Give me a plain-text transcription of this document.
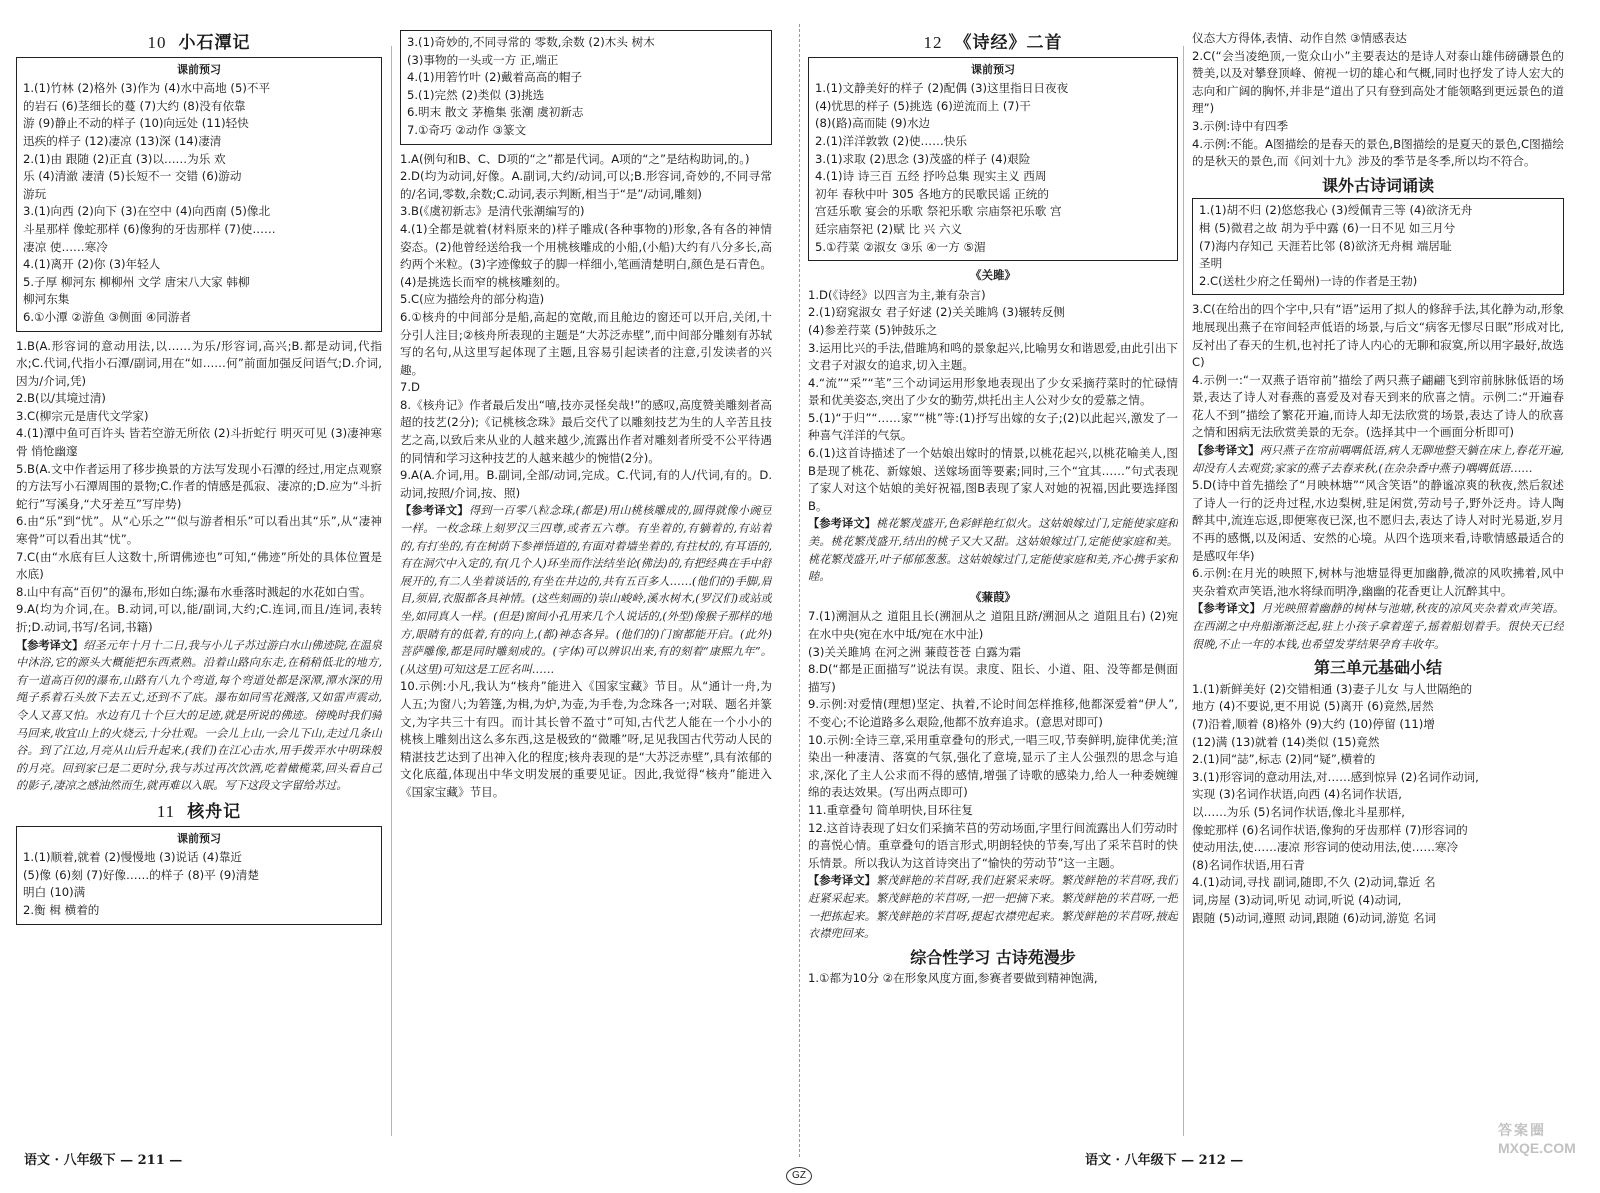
10 小石潭记
课前预习
1.(1)竹林 (2)格外 (3)作为 (4)水中高地 (5)不平
的岩石 (6)茎细长的蔓 (7)大约 (8)没有依靠
游 (9)静止不动的样子 (10)向远处 (11)轻快
迅疾的样子 (12)凄凉 (13)深 (14)凄清
2.(1)由 跟随 (2)正直 (3)以……为乐 欢
乐 (4)清澈 凄清 (5)长短不一 交错 (6)游动
游玩
3.(1)向西 (2)向下 (3)在空中 (4)向西南 (5)像北
斗星那样 像蛇那样 (6)像狗的牙齿那样 (7)使……
凄凉 使……寒冷
4.(1)离开 (2)你 (3)年轻人
5.子厚 柳河东 柳柳州 文学 唐宋八大家 韩柳
柳河东集
6.①小潭 ②游鱼 ③侧面 ④同游者

1.B(A.形容词的意动用法,以……为乐/形容词,高兴;B.都是动词,代指水;C.代词,代指小石潭/副词,用在“如……何”前面加强反问语气;D.介词,因为/介词,凭)

2.B(以/其境过清)

3.C(柳宗元是唐代文学家)

4.(1)潭中鱼可百许头 皆若空游无所依 (2)斗折蛇行 明灭可见 (3)凄神寒骨 悄怆幽邃

5.B(A.文中作者运用了移步换景的方法写发现小石潭的经过,用定点观察的方法写小石潭周围的景物;C.作者的情感是孤寂、凄凉的;D.应为“斗折蛇行”写溪身,“犬牙差互”写岸势)

6.由“乐”到“忧”。从“心乐之”“似与游者相乐”可以看出其“乐”,从“凄神寒骨”可以看出其“忧”。

7.C(由“水底有巨人这数十,所谓佛迹也”可知,“佛迹”所处的具体位置是水底)

8.山中有高“百仞”的瀑布,形如白练;瀑布水垂落时溅起的水花如白雪。

9.A(均为介词,在。B.动词,可以,能/副词,大约;C.连词,而且/连词,表转折;D.动词,书写/名词,书籍)

【参考译文】绍圣元年十月十二日,我与小儿子苏过游白水山佛迹院,在温泉中沐浴,它的源头大概能把东西煮熟。沿着山路向东走,在稍稍低北的地方,有一道高百仞的瀑布,山路有八九个弯道,每个弯道处都是深潭,潭水深的用绳子系着石头放下去五丈,还到不了底。瀑布如同雪花溅落,又如雷声震动,令人又喜又怕。水边有几十个巨大的足迹,就是所说的佛迹。傍晚时我们骑马回来,收宜山上的火烧云,十分壮观。一会儿上山,一会儿下山,走过几条山谷。到了江边,月亮从山后升起来,(我们)在江心击水,用手拨弄水中明珠般的月亮。回到家已是二更时分,我与苏过再次饮酒,吃着橄榄菜,回头看自己的影子,凄凉之感油然而生,就再难以入眠。写下这段文字留给苏过。

11 核舟记
课前预习
1.(1)顺着,就着 (2)慢慢地 (3)说话 (4)靠近
(5)像 (6)刻 (7)好像……的样子 (8)平 (9)清楚
明白 (10)满
2.衡 楫 横着的
3.(1)奇妙的,不同寻常的 零数,余数 (2)木头 树木
(3)事物的一头或一方 正,端正
4.(1)用箬竹叶 (2)戴着高高的帽子
5.(1)完然 (2)类似 (3)挑选
6.明末 散文 茅檐集 张潮 虞初新志
7.①奇巧 ②动作 ③篆文

1.A(例句和B、C、D项的“之”都是代词。A项的“之”是结构助词,的。)

2.D(均为动词,好像。A.副词,大约/动词,可以;B.形容词,奇妙的,不同寻常的/名词,零数,余数;C.动词,表示判断,相当于“是”/动词,雕刻)

3.B(《虞初新志》是清代张潮编写的)

4.(1)全都是就着(材料原来的)样子雕成(各种事物的)形象,各有各的神情姿态。(2)他曾经送给我一个用桃核雕成的小船,(小船)大约有八分多长,高约两个米粒。(3)字迹像蚊子的脚一样细小,笔画清楚明白,颜色是石青色。(4)是挑选长而窄的桃核雕刻的。

5.C(应为描绘舟的部分构造)

6.①核舟的中间部分是船,高起的宽敞,而且舱边的窗还可以开启,关闭,十分引人注目;②核舟所表现的主题是“大苏泛赤壁”,而中间部分雕刻有苏轼写的名句,从这里写起体现了主题,且容易引起读者的注意,引发读者的兴趣。

7.D

8.《核舟记》作者最后发出“嘻,技亦灵怪矣哉!”的感叹,高度赞美雕刻者高超的技艺(2分);《记桃核念珠》最后交代了以雕刻技艺为生的人辛苦且技艺之高,以致后来从业的人越来越少,流露出作者对雕刻者所受不公平待遇的同情和学习这种技艺的人越来越少的惋惜(2分)。

9.A(A.介词,用。B.副词,全部/动词,完成。C.代词,有的人/代词,有的。D.动词,按照/介词,按、照)

【参考译文】得到一百零八粒念珠,(都是)用山桃核雕成的,圆得就像小豌豆一样。一枚念珠上刻罗汉三四尊,或者五六尊。有坐着的,有躺着的,有站着的,有打坐的,有在树荫下参禅悟道的,有面对着墙坐着的,有拄杖的,有耳语的,有在洞穴中入定的,有(几个人)环坐而作法结坐论(佛法)的,有把经典在手中舒展开的,有二人坐着谈话的,有坐在井边的,共有五百多人……(他们的)手脚,眉目,须眉,衣服都各具神情。(这些刻画的)崇山峻岭,溪水树木,(罗汉们)或站或坐,如同真人一样。(但是)窗间小孔用来几个人说话的,(外型)像猴子那样的地方,眼睛有的低着,有的向上,(都)神态各异。(他们的)门窗都能开启。(此外)菩萨雕像,都是同时雕刻成的。(字体)可以辨识出来,有的刻着“康熙九年”。(从这里)可知这是工匠名叫……

10.示例:小凡,我认为“核舟”能进入《国家宝藏》节目。从“通计一舟,为人五;为窗八;为箬篷,为楫,为炉,为壶,为手卷,为念珠各一;对联、题名并篆文,为字共三十有四。而计其长曾不盈寸”可知,古代艺人能在一个小小的桃核上雕刻出这么多东西,这是极致的“微雕”呀,足见我国古代劳动人民的精湛技艺达到了出神入化的程度;核舟表现的是“大苏泛赤壁”,具有浓郁的文化底蕴,体现出中华文明发展的重要见证。因此,我觉得“核舟”能进入《国家宝藏》节目。

语文 · 八年级下 — 211 —
GZ
12 《诗经》二首
课前预习
1.(1)文静美好的样子 (2)配偶 (3)这里指日日夜夜
(4)忧思的样子 (5)挑选 (6)逆流而上 (7)干
(8)(路)高而陡 (9)水边
2.(1)洋洋敦敦 (2)使……快乐
3.(1)求取 (2)思念 (3)茂盛的样子 (4)艰险
4.(1)诗 诗三百 五经 抒吟总集 现实主义 西周
初年 春秋中叶 305 各地方的民歌民谣 正统的
宫廷乐歌 宴会的乐歌 祭祀乐歌 宗庙祭祀乐歌 宫
廷宗庙祭祀 (2)赋 比 兴 六义
5.①荇菜 ②淑女 ③乐 ④一方 ⑤湄
《关雎》

1.D(《诗经》以四言为主,兼有杂言)

2.(1)窈窕淑女 君子好逑 (2)关关雎鸠 (3)辗转反侧

(4)参差荇菜 (5)钟鼓乐之

3.运用比兴的手法,借雎鸠和鸣的景象起兴,比喻男女和谐恩爱,由此引出下文君子对淑女的追求,切入主题。

4.“流”“采”“芼”三个动词运用形象地表现出了少女采摘荇菜时的忙碌情景和优美姿态,突出了少女的勤劳,烘托出主人公对少女的爱慕之情。

5.(1)“于归”“……家”“桃”等:(1)抒写出嫁的女子;(2)以此起兴,激发了一种喜气洋洋的气氛。

6.(1)这首诗描述了一个姑娘出嫁时的情景,以桃花起兴,以桃花喻美人,图B是现了桃花、新嫁娘、送嫁场面等要素;同时,三个“宜其……”句式表现了家人对这个姑娘的美好祝福,图B表现了家人对她的祝福,因此要选择图B。

【参考译文】桃花繁茂盛开,色彩鲜艳红似火。这姑娘嫁过门,定能使家庭和美。桃花繁茂盛开,结出的桃子又大又甜。这姑娘嫁过门,定能使家庭和美。桃花繁茂盛开,叶子郁郁葱葱。这姑娘嫁过门,定能使家庭和美,齐心携手家和睦。

《蒹葭》

7.(1)溯洄从之 道阻且长(溯洄从之 道阻且跻/溯洄从之 道阻且右) (2)宛在水中央(宛在水中坻/宛在水中沚)

(3)关关雎鸠 在河之洲 蒹葭苍苍 白露为霜

8.D(“都是正面描写”说法有误。隶度、阻长、小道、阻、没等都是侧面描写)

9.示例:对爱情(理想)坚定、执着,不论时间怎样推移,他都深爱着“伊人”,不变心;不论道路多么艰险,他都不放弃追求。(意思对即可)

10.示例:全诗三章,采用重章叠句的形式,一唱三叹,节奏鲜明,旋律优美;渲染出一种凄清、落寞的气氛,强化了意境,显示了主人公强烈的思念与追求,深化了主人公求而不得的感情,增强了诗歌的感染力,给人一种委婉缠绵的表达效果。(写出两点即可)

11.重章叠句 简单明快,目环往复

12.这首诗表现了妇女们采摘芣苢的劳动场面,字里行间流露出人们劳动时的喜悦心情。重章叠句的语言形式,明朗轻快的节奏,写出了采芣苢时的快乐情景。所以我认为这首诗突出了“愉快的劳动节”这一主题。

【参考译文】繁茂鲜艳的芣苢呀,我们赶紧采来呀。繁茂鲜艳的芣苢呀,我们赶紧采起来。繁茂鲜艳的芣苢呀,一把一把摘下来。繁茂鲜艳的芣苢呀,一把一把拣起来。繁茂鲜艳的芣苢呀,提起衣襟兜起来。繁茂鲜艳的芣苢呀,掖起衣襟兜回来。

综合性学习 古诗苑漫步

1.①都为10分 ②在形象风度方面,参赛者要做到精神饱满,

仪态大方得体,表情、动作自然 ③情感表达

2.C(“会当凌绝顶,一览众山小”主要表达的是诗人对泰山雄伟磅礴景色的赞美,以及对攀登顶峰、俯视一切的雄心和气概,同时也抒发了诗人宏大的志向和广阔的胸怀,并非是“道出了只有登到高处才能领略到更远景色的道理”)

3.示例:诗中有四季

4.示例:不能。A图描绘的是春天的景色,B图描绘的是夏天的景色,C图描绘的是秋天的景色,而《问刘十九》涉及的季节是冬季,所以均不符合。

课外古诗词诵读
1.(1)胡不归 (2)悠悠我心 (3)绶佩青三等 (4)欲济无舟
楫 (5)微君之故 胡为乎中露 (6)一日不见 如三月兮
(7)海内存知己 天涯若比邻 (8)欲济无舟楫 端居耻
圣明
2.C(送杜少府之任蜀州)一诗的作者是王勃)

3.C(在给出的四个字中,只有“语”运用了拟人的修辞手法,其化静为动,形象地展现出燕子在帘间轻声低语的场景,与后文“病客无憀尽日眠”形成对比,反衬出了春天的生机,也衬托了诗人内心的无聊和寂寞,所以用字最好,故选C)

4.示例一:“一双燕子语帘前”描绘了两只燕子翩翩飞到帘前脉脉低语的场景,表达了诗人对春燕的喜爱及对春天到来的欣喜之情。示例二:“开遍春花人不到”描绘了繁花开遍,而诗人却无法欣赏的场景,表达了诗人的欣喜之情和困病无法欣赏美景的无奈。(选择其中一个画面分析即可)

【参考译文】两只燕子在帘前喁喁低语,病人无聊地整天躺在床上,春花开遍,却没有人去观赏;家家的燕子去春来秋,(在杂杂香中燕子)喁喁低语……

5.D(诗中首先描绘了“月映林塘”“风含笑语”的静谧凉爽的秋夜,然后叙述了诗人一行的泛舟过程,水边梨树,驻足闲赏,劳动号子,野外泛舟。诗人陶醉其中,流连忘返,即便寒夜已深,也不愿归去,表达了诗人对时光易逝,岁月不再的感慨,以及闲适、安然的心境。从四个选项来看,诗歌情感最适合的是感叹年华)

6.示例:在月光的映照下,树林与池塘显得更加幽静,微凉的风吹拂着,风中夹杂着欢声笑语,池水将绿而明净,幽幽的花香更让人沉醉其中。

【参考译文】月光映照着幽静的树林与池塘,秋夜的凉风夹杂着欢声笑语。在西湖之中舟船渐渐泛起,驻上小孩子拿着莲子,摇着船划着手。很快天已经很晚,不止一年的本钱,也希望发芽结果孕育丰收年。

第三单元基础小结

1.(1)新鲜美好 (2)交错相通 (3)妻子儿女 与人世隔绝的

地方 (4)不要说,更不用说 (5)离开 (6)竟然,居然

(7)沿着,顺着 (8)格外 (9)大约 (10)停留 (11)增

(12)满 (13)就着 (14)类似 (15)竟然

2.(1)同“誌”,标志 (2)同“疑”,横着的

3.(1)形容词的意动用法,对……感到惊异 (2)名词作动词,

实现 (3)名词作状语,向西 (4)名词作状语,

以……为乐 (5)名词作状语,像北斗星那样,

像蛇那样 (6)名词作状语,像狗的牙齿那样 (7)形容词的

使动用法,使……凄凉 形容词的使动用法,使……寒冷

(8)名词作状语,用石青

4.(1)动词,寻找 副词,随即,不久 (2)动词,靠近 名

词,房屋 (3)动词,听见 动词,听说 (4)动词,

跟随 (5)动词,遵照 动词,跟随 (6)动词,游览 名词

语文 · 八年级下 — 212 —
答案圈
MXQE.COM
